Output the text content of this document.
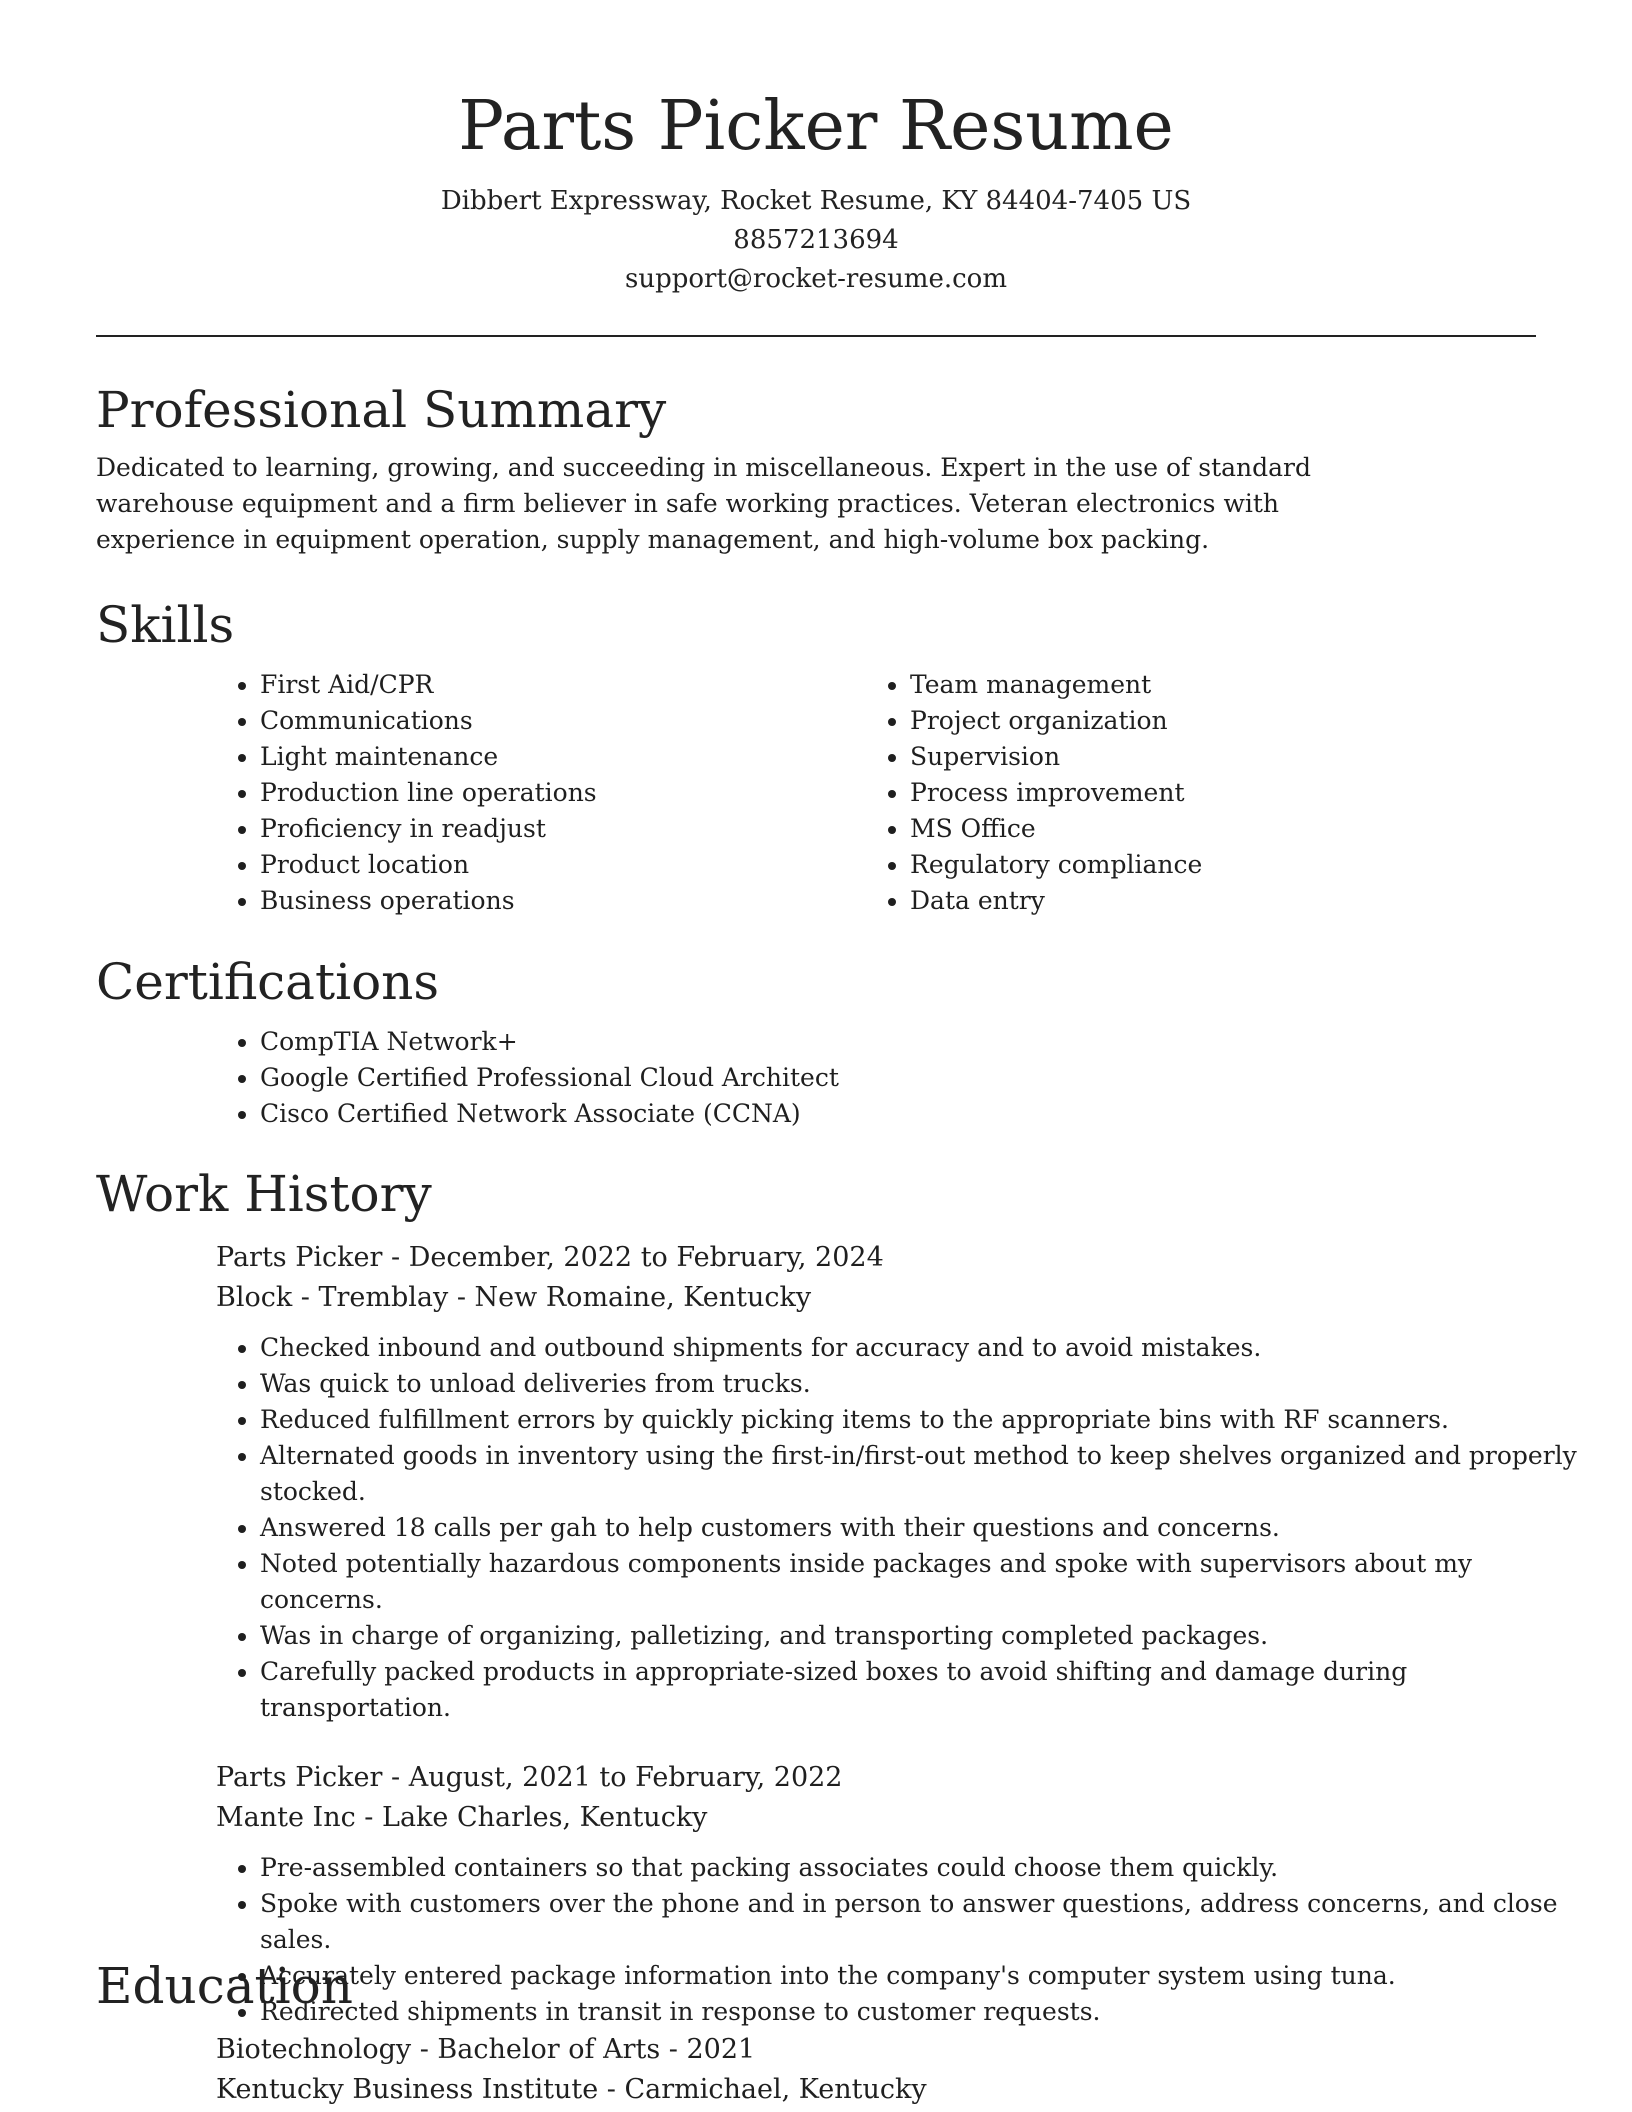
Parts Picker Resume

Dibbert Expressway, Rocket Resume, KY 84404-7405 US

8857213694

support@rocket-resume.com

Professional Summary

Dedicated to learning, growing, and succeeding in miscellaneous. Expert in the use of standard warehouse equipment and a firm believer in safe working practices. Veteran electronics with experience in equipment operation, supply management, and high-volume box packing.

Skills
• First Aid/CPR
• Communications
• Light maintenance
• Production line operations
• Proficiency in readjust
• Product location
• Business operations
• Team management
• Project organization
• Supervision
• Process improvement
• MS Office
• Regulatory compliance
• Data entry
Certifications
• CompTIA Network+
• Google Certified Professional Cloud Architect
• Cisco Certified Network Associate (CCNA)
Work History

Parts Picker - December, 2022 to February, 2024

Block - Tremblay - New Romaine, Kentucky

• Checked inbound and outbound shipments for accuracy and to avoid mistakes.
• Was quick to unload deliveries from trucks.
• Reduced fulfillment errors by quickly picking items to the appropriate bins with RF scanners.
• Alternated goods in inventory using the first-in/first-out method to keep shelves organized and properly stocked.
• Answered 18 calls per gah to help customers with their questions and concerns.
• Noted potentially hazardous components inside packages and spoke with supervisors about my concerns.
• Was in charge of organizing, palletizing, and transporting completed packages.
• Carefully packed products in appropriate-sized boxes to avoid shifting and damage during transportation.

Parts Picker - August, 2021 to February, 2022

Mante Inc - Lake Charles, Kentucky

• Pre-assembled containers so that packing associates could choose them quickly.
• Spoke with customers over the phone and in person to answer questions, address concerns, and close sales.
• Accurately entered package information into the company's computer system using tuna.
• Redirected shipments in transit in response to customer requests.
Education

Biotechnology - Bachelor of Arts - 2021

Kentucky Business Institute - Carmichael, Kentucky
